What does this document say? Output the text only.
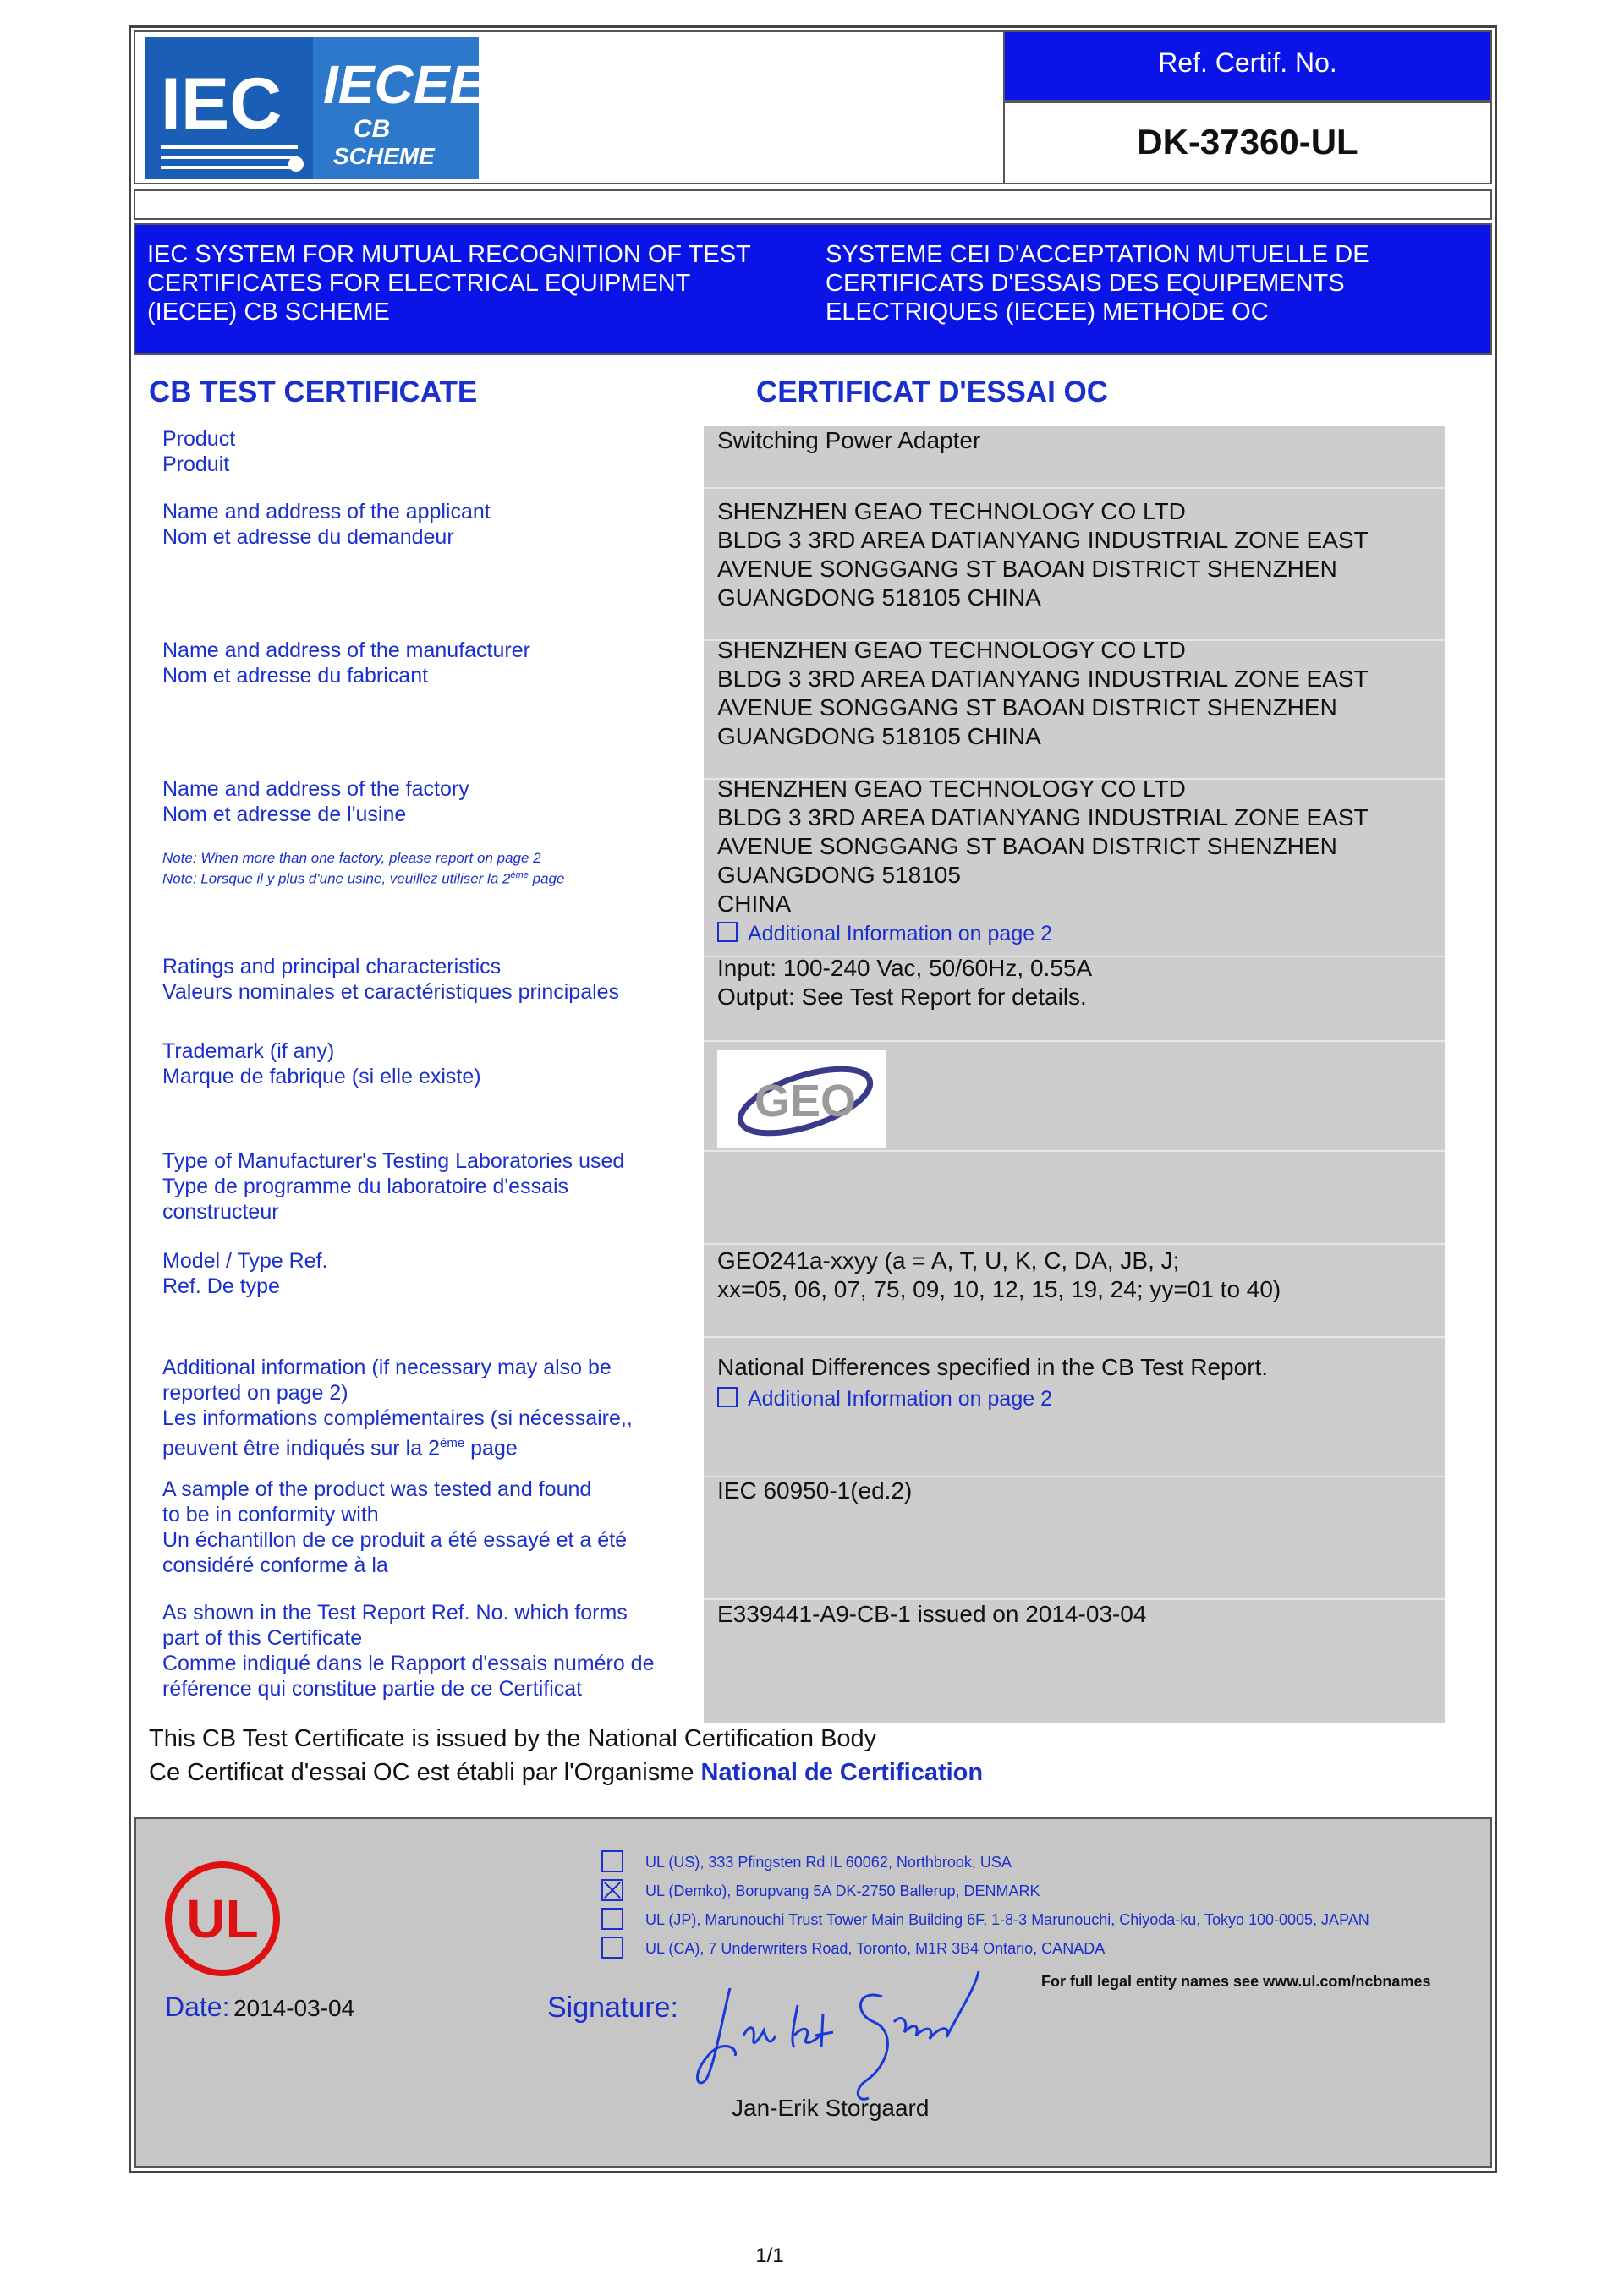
IEC IECEE
CB
SCHEME
Ref. Certif. No.
DK-37360-UL
IEC SYSTEM FOR MUTUAL RECOGNITION OF TEST
CERTIFICATES FOR ELECTRICAL EQUIPMENT
(IECEE) CB SCHEME
SYSTEME CEI D'ACCEPTATION MUTUELLE DE
CERTIFICATS D'ESSAIS DES EQUIPEMENTS
ELECTRIQUES (IECEE) METHODE OC
CB TEST CERTIFICATE	CERTIFICAT D'ESSAI OC
Product
Produit
Name and address of the applicant
Nom et adresse du demandeur
Name and address of the manufacturer
Nom et adresse du fabricant
Name and address of the factory
Nom et adresse de l'usine
Note: When more than one factory, please report on page 2
Note: Lorsque il y plus d'une usine, veuillez utiliser la 2ème page
Ratings and principal characteristics
Valeurs nominales et caractéristiques principales
Trademark (if any)
Marque de fabrique (si elle existe)
Type of Manufacturer's Testing Laboratories used
Type de programme du laboratoire d'essais
constructeur
Model / Type Ref.
Ref. De type
Additional information (if necessary may also be
reported on page 2)
Les informations complémentaires (si nécessaire,,
peuvent être indiqués sur la 2ème page
A sample of the product was tested and found
to be in conformity with
Un échantillon de ce produit a été essayé et a été
considéré conforme à la
As shown in the Test Report Ref. No. which forms
part of this Certificate
Comme indiqué dans le Rapport d'essais numéro de
référence qui constitue partie de ce Certificat
Switching Power Adapter
SHENZHEN GEAO TECHNOLOGY CO LTD
BLDG 3 3RD AREA DATIANYANG INDUSTRIAL ZONE EAST
AVENUE SONGGANG ST BAOAN DISTRICT SHENZHEN
GUANGDONG 518105 CHINA
SHENZHEN GEAO TECHNOLOGY CO LTD
BLDG 3 3RD AREA DATIANYANG INDUSTRIAL ZONE EAST
AVENUE SONGGANG ST BAOAN DISTRICT SHENZHEN
GUANGDONG 518105 CHINA
SHENZHEN GEAO TECHNOLOGY CO LTD
BLDG 3 3RD AREA DATIANYANG INDUSTRIAL ZONE EAST
AVENUE SONGGANG ST BAOAN DISTRICT SHENZHEN
GUANGDONG 518105
CHINA
Additional Information on page 2
Input: 100-240 Vac, 50/60Hz, 0.55A
Output: See Test Report for details.
GEO
GEO241a-xxyy (a = A, T, U, K, C, DA, JB, J;
xx=05, 06, 07, 75, 09, 10, 12, 15, 19, 24; yy=01 to 40)
National Differences specified in the CB Test Report.
Additional Information on page 2
IEC 60950-1(ed.2)
E339441-A9-CB-1 issued on 2014-03-04
This CB Test Certificate is issued by the National Certification Body
Ce Certificat d'essai OC est établi par l'Organisme National de Certification
UL
UL (US), 333 Pfingsten Rd IL 60062, Northbrook, USA
UL (Demko), Borupvang 5A DK-2750 Ballerup, DENMARK
UL (JP), Marunouchi Trust Tower Main Building 6F, 1-8-3 Marunouchi, Chiyoda-ku, Tokyo 100-0005, JAPAN
UL (CA), 7 Underwriters Road, Toronto, M1R 3B4 Ontario, CANADA
For full legal entity names see www.ul.com/ncbnames
Date: 2014-03-04	Signature:
Jan-Erik Storgaard
1/1
